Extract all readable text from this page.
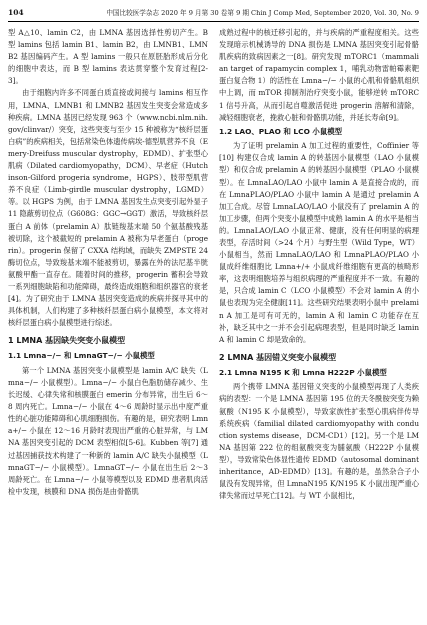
104	中国比较医学杂志 2020 年 9 月第 30 卷第 9 期 Chin J Comp Med, September 2020, Vol. 30, No. 9

型 A△10、lamin C2，由 LMNA 基因选择性剪切产生。B 型 lamins 包括 lamin B1、lamin B2，由 LMNB1、LMNB2 基因编码产生。A 型 lamins 一般只在原胚胎形成后分化的细胞中表达，而 B 型 lamins 表达贯穿整个发育过程[2-3]。

由于细胞内许多不同蛋白质直接或间接与 lamins 相互作用，LMNA、LMNB1 和 LMNB2 基因发生突变会常造成多种疾病。LMNA 基因已经发现 963 个（www.ncbi.nlm.nih.gov/clinvar/）突变，这些突变与至少 15 种被称为“核纤层蛋白病”的疾病相关，包括常染色体遗传病埃-德型肌营养不良（Emery-Dreifuss muscular dystrophy，EDMD）、扩张型心肌病（Dilated cardiomyopathy，DCM）、早老症（Hutchinson-Gilford progeria syndrome，HGPS）、肢带型肌营养不良症（Limb-girdle muscular dystrophy，LGMD）等。以 HGPS 为例，由于 LMNA 基因发生点突变引起外显子 11 隐蔽剪切位点（G608G：GGC→GGT）激活，导致核纤层蛋白 A 前体（prelamin A）肽链羧基末端 50 个氨基酸残基被切除，这个被截短的 prelamin A 被称为早老蛋白（progerin）。progerin 保留了 CXXA 结构域，而缺失 ZMPSTE 24 酶切位点，导致羧基末端不能被剪切，暴露在外的法尼基半胱氨酸甲酯一直存在。随着时间的推移，progerin 蓄积会导致一系列细胞缺陷和功能障碍，最终造成细胞和组织器官的衰老[4]。为了研究由于 LMNA 基因突变造成的疾病并探寻其中的具体机制，人们构建了多种核纤层蛋白病小鼠模型，本文将对核纤层蛋白病小鼠模型进行综述。

1 LMNA 基因缺失突变小鼠模型
1.1 Lmna−/− 和 LmnaGT−/− 小鼠模型

第一个 LMNA 基因突变小鼠模型是 lamin A/C 缺失（Lmna−/− 小鼠模型）。Lmna−/− 小鼠白色脂肪储存减少、生长迟缓、心律失常和核膜蛋白 emerin 分布异常，出生后 6～8 周内死亡。Lmna−/− 小鼠在 4～6 周龄时显示出中度严重性的心脏功能障碍和心肌细胞损伤。有趣的是，研究表明 Lmna+/− 小鼠在 12～16 月龄时表现出严重的心脏异常，与 LMNA 基因突变引起的 DCM 表型相似[5-6]。Kubben 等[7] 通过基因捕获技术构建了一种新的 lamin A/C 缺失小鼠模型（LmnaGT−/− 小鼠模型）。LmnaGT−/− 小鼠在出生后 2～3 周龄死亡。在 Lmna−/− 小鼠等模型以及 EDMD 患者肌肉活检中发现，核膜和 DNA 损伤是由骨骼肌

成熟过程中的核迁移引起的，并与疾病的严重程度相关。这些发现暗示机械诱导的 DNA 损伤是 LMNA 基因突变引起骨骼肌疾病的致病因素之一[8]。研究发现 mTORC1（mammalian target of rapamycin complex 1，哺乳动物雷帕霉素靶蛋白复合物 1）的活性在 Lmna−/− 小鼠的心肌和骨骼肌组织中上调，而 mTOR 抑制剂治疗突变小鼠，能够逆转 mTORC1 信号升高，从而引起自噬激活促进 progerin 溶解和清除，减轻细胞衰老，挽救心脏和骨骼肌功能，并延长寿命[9]。

1.2 LAO、PLAO 和 LCO 小鼠模型

为了证明 prelamin A 加工过程的重要性，Coffinier 等[10] 构建仅合成 lamin A 的转基因小鼠模型（LAO 小鼠模型）和仅合成 prelamin A 的转基因小鼠模型（PLAO 小鼠模型）。在 LmnaLAO/LAO 小鼠中 lamin A 是直接合成的，而在 LmnaPLAO/PLAO 小鼠中 lamin A 是通过 prelamin A 加工合成。尽管 LmnaLAO/LAO 小鼠没有了 prelamin A 的加工步骤，但两个突变小鼠模型中成熟 lamin A 的水平是相当的。LmnaLAO/LAO 小鼠正常、健康，没有任何明显的病理表型，存活时间（>24 个月）与野生型（Wild Type，WT）小鼠相当，然而 LmnaLAO/LAO 和 LmnaPLAO/PLAO 小鼠成纤维细胞比 Lmna+/+ 小鼠成纤维细胞有更高的核畸形率，这表明细胞培养与组织病理的严重程度并不一致。有趣的是，只合成 lamin C（LCO 小鼠模型）不会对 lamin A 的小鼠也表现为完全健康[11]。这些研究结果表明小鼠中 prelamin A 加工是可有可无的，lamin A 和 lamin C 功能存在互补，缺乏其中之一并不会引起病理表型，但是同时缺乏 lamin A 和 lamin C 却是致命的。

2 LMNA 基因错义突变小鼠模型
2.1 Lmna N195 K 和 Lmna H222P 小鼠模型

两个携带 LMNA 基因错义突变的小鼠模型再现了人类疾病的表型：一个是 LMNA 基因第 195 位的天冬酰胺突变为赖氨酸（N195 K 小鼠模型），导致家族性扩张型心肌病伴传导系统疾病（familial dilated cardiomyopathy with conduction systems disease，DCM-CD1）[12]。另一个是 LMNA 基因第 222 位的组氨酸突变为脯氨酸（H222P 小鼠模型），导致常染色体显性遗传 EDMD（autosomal dominant inheritance，AD-EDMD）[13]。有趣的是，虽然杂合子小鼠没有发现异常，但 LmnaN195 K/N195 K 小鼠出现严重心律失常而过早死亡[12]。与 WT 小鼠相比，
